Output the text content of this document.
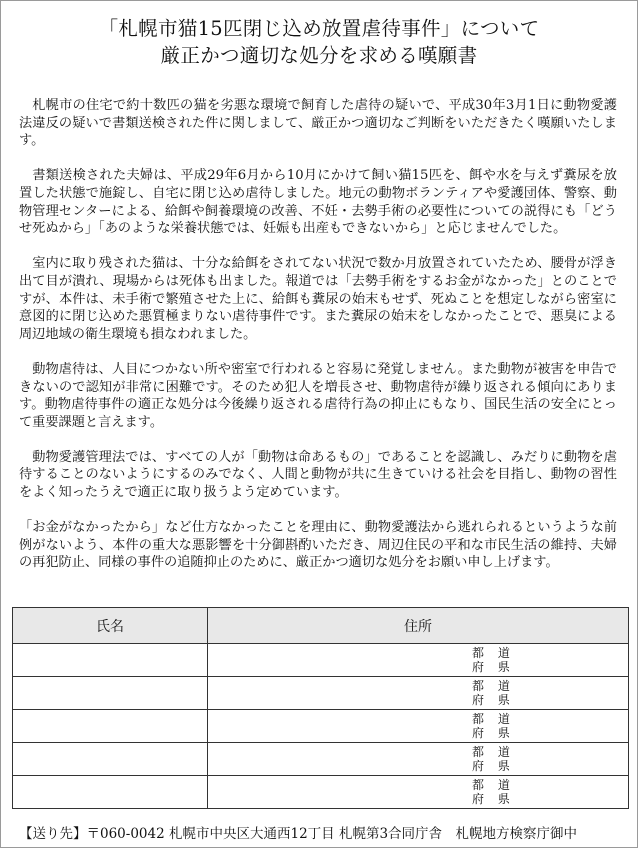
「札幌市猫15匹閉じ込め放置虐待事件」について
厳正かつ適切な処分を求める嘆願書

札幌市の住宅で約十数匹の猫を劣悪な環境で飼育した虐待の疑いで、平成30年3月1日に動物愛護法違反の疑いで書類送検された件に関しまして、厳正かつ適切なご判断をいただきたく嘆願いたします。

書類送検された夫婦は、平成29年6月から10月にかけて飼い猫15匹を、餌や水を与えず糞尿を放置した状態で施錠し、自宅に閉じ込め虐待しました。地元の動物ボランティアや愛護団体、警察、動物管理センターによる、給餌や飼養環境の改善、不妊・去勢手術の必要性についての説得にも「どうせ死ぬから」「あのような栄養状態では、妊娠も出産もできないから」と応じませんでした。

室内に取り残された猫は、十分な給餌をされてない状況で数か月放置されていたため、腰骨が浮き出て目が潰れ、現場からは死体も出ました。報道では「去勢手術をするお金がなかった」とのことですが、本件は、未手術で繁殖させた上に、給餌も糞尿の始末もせず、死ぬことを想定しながら密室に意図的に閉じ込めた悪質極まりない虐待事件です。また糞尿の始末をしなかったことで、悪臭による周辺地域の衛生環境も損なわれました。

動物虐待は、人目につかない所や密室で行われると容易に発覚しません。また動物が被害を申告できないので認知が非常に困難です。そのため犯人を増長させ、動物虐待が繰り返される傾向にあります。動物虐待事件の適正な処分は今後繰り返される虐待行為の抑止にもなり、国民生活の安全にとって重要課題と言えます。

動物愛護管理法では、すべての人が「動物は命あるもの」であることを認識し、みだりに動物を虐待することのないようにするのみでなく、人間と動物が共に生きていける社会を目指し、動物の習性をよく知ったうえで適正に取り扱うよう定めています。

「お金がなかったから」など仕方なかったことを理由に、動物愛護法から逃れられるというような前例がないよう、本件の重大な悪影響を十分御斟酌いただき、周辺住民の平和な市民生活の維持、夫婦の再犯防止、同様の事件の追随抑止のために、厳正かつ適切な処分をお願い申し上げます。

氏名	住所

	都 道
府 県

	都 道
府 県

	都 道
府 県

	都 道
府 県

	都 道
府 県
【送り先】〒060-0042 札幌市中央区大通西12丁目 札幌第3合同庁舎　札幌地方検察庁御中
